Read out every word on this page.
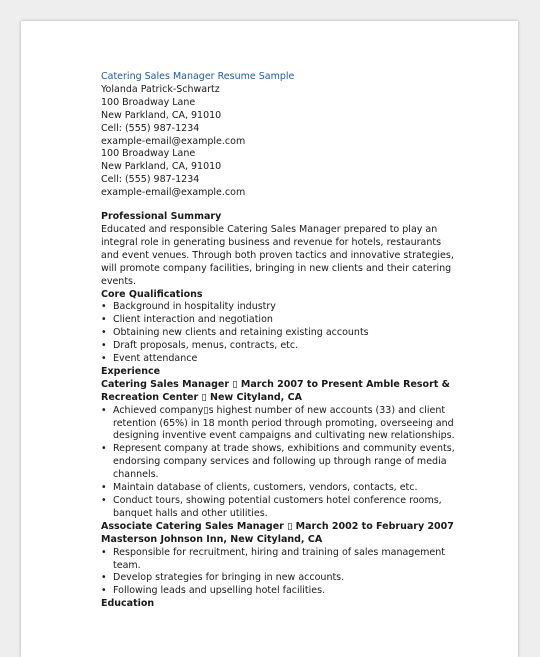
Catering Sales Manager Resume Sample

Yolanda Patrick-Schwartz

100 Broadway Lane

New Parkland, CA, 91010

Cell: (555) 987-1234

example-email@example.com

100 Broadway Lane

New Parkland, CA, 91010

Cell: (555) 987-1234

example-email@example.com

Professional Summary

Educated and responsible Catering Sales Manager prepared to play an integral role in generating business and revenue for hotels, restaurants and event venues. Through both proven tactics and innovative strategies, will promote company facilities, bringing in new clients and their catering events.

Core Qualifications

• Background in hospitality industry
• Client interaction and negotiation
• Obtaining new clients and retaining existing accounts
• Draft proposals, menus, contracts, etc.
• Event attendance

Experience

Catering Sales Manager ▯ March 2007 to Present Amble Resort & Recreation Center ▯ New Cityland, CA

• Achieved company▯s highest number of new accounts (33) and client retention (65%) in 18 month period through promoting, overseeing and designing inventive event campaigns and cultivating new relationships.
• Represent company at trade shows, exhibitions and community events, endorsing company services and following up through range of media channels.
• Maintain database of clients, customers, vendors, contacts, etc.
• Conduct tours, showing potential customers hotel conference rooms, banquet halls and other utilities.

Associate Catering Sales Manager ▯ March 2002 to February 2007 Masterson Johnson Inn, New Cityland, CA

• Responsible for recruitment, hiring and training of sales management team.
• Develop strategies for bringing in new accounts.
• Following leads and upselling hotel facilities.

Education
